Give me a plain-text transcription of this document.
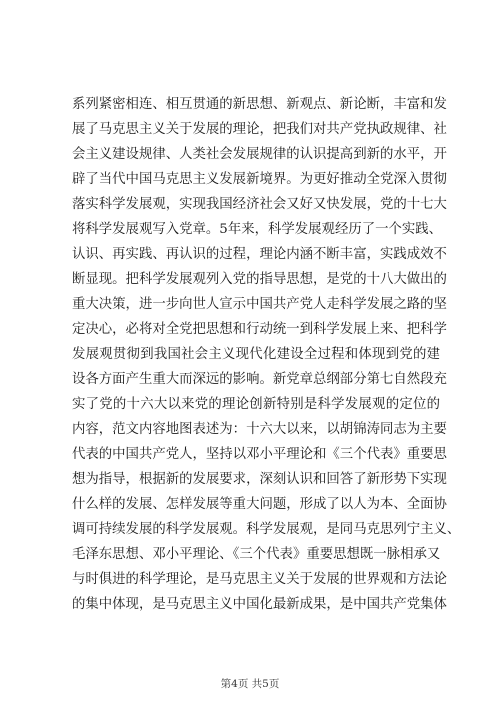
系列紧密相连、相互贯通的新思想、新观点、新论断，丰富和发
展了马克思主义关于发展的理论，把我们对共产党执政规律、社
会主义建设规律、人类社会发展规律的认识提高到新的水平，开
辟了当代中国马克思主义发展新境界。为更好推动全党深入贯彻
落实科学发展观，实现我国经济社会又好又快发展，党的十七大
将科学发展观写入党章。5年来，科学发展观经历了一个实践、
认识、再实践、再认识的过程，理论内涵不断丰富，实践成效不
断显现。把科学发展观列入党的指导思想，是党的十八大做出的
重大决策，进一步向世人宣示中国共产党人走科学发展之路的坚
定决心，必将对全党把思想和行动统一到科学发展上来、把科学
发展观贯彻到我国社会主义现代化建设全过程和体现到党的建
设各方面产生重大而深远的影响。新党章总纲部分第七自然段充
实了党的十六大以来党的理论创新特别是科学发展观的定位的
内容，范文内容地图表述为：十六大以来，以胡锦涛同志为主要
代表的中国共产党人，坚持以邓小平理论和《三个代表》重要思
想为指导，根据新的发展要求，深刻认识和回答了新形势下实现
什么样的发展、怎样发展等重大问题，形成了以人为本、全面协
调可持续发展的科学发展观。科学发展观，是同马克思列宁主义、
毛泽东思想、邓小平理论、《三个代表》重要思想既一脉相承又
与时俱进的科学理论，是马克思主义关于发展的世界观和方法论
的集中体现，是马克思主义中国化最新成果，是中国共产党集体
第4页 共5页
